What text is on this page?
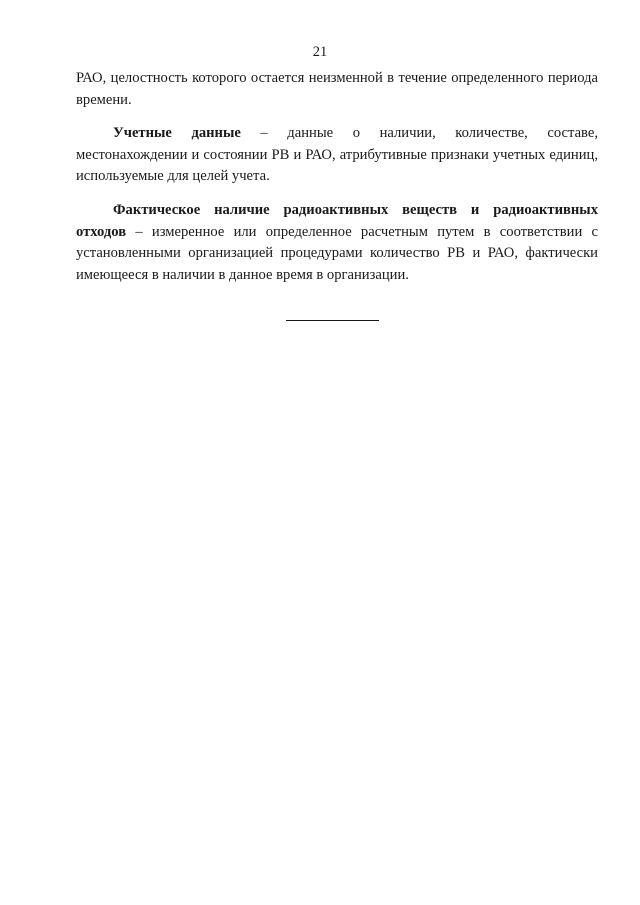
21

РАО, целостность которого остается неизменной в течение определенного периода времени.

Учетные данные – данные о наличии, количестве, составе, местонахождении и состоянии РВ и РАО, атрибутивные признаки учетных единиц, используемые для целей учета.

Фактическое наличие радиоактивных веществ и радиоактивных отходов – измеренное или определенное расчетным путем в соответствии с установленными организацией процедурами количество РВ и РАО, фактически имеющееся в наличии в данное время в организации.
